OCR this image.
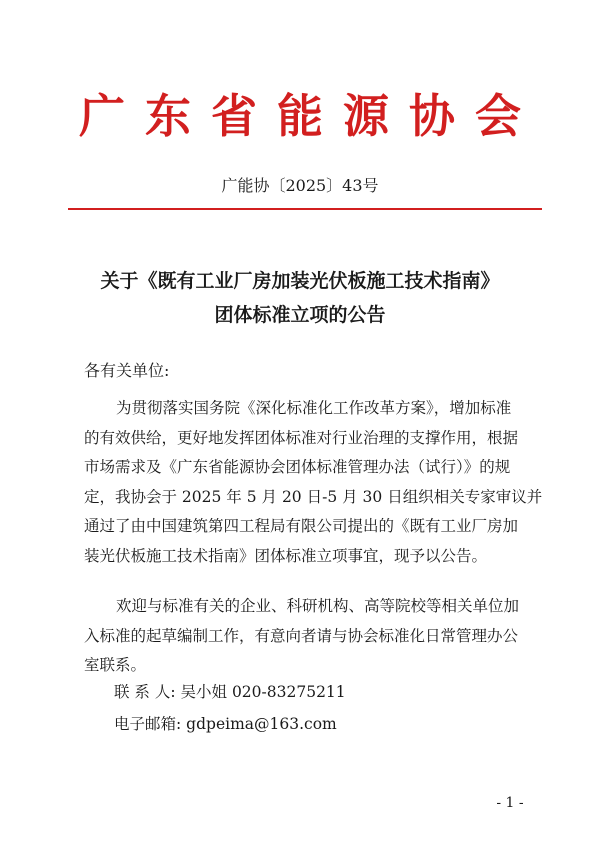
广东省能源协会
广能协〔2025〕43号
关于《既有工业厂房加装光伏板施工技术指南》
团体标准立项的公告
各有关单位:
为贯彻落实国务院《深化标准化工作改革方案》，增加标准
的有效供给，更好地发挥团体标准对行业治理的支撑作用，根据
市场需求及《广东省能源协会团体标准管理办法（试行）》的规
定，我协会于 2025 年 5 月 20 日-5 月 30 日组织相关专家审议并
通过了由中国建筑第四工程局有限公司提出的《既有工业厂房加
装光伏板施工技术指南》团体标准立项事宜，现予以公告。
欢迎与标准有关的企业、科研机构、高等院校等相关单位加
入标准的起草编制工作，有意向者请与协会标准化日常管理办公
室联系。
联 系 人: 吴小姐 020-83275211
电子邮箱: gdpeima@163.com
- 1 -
